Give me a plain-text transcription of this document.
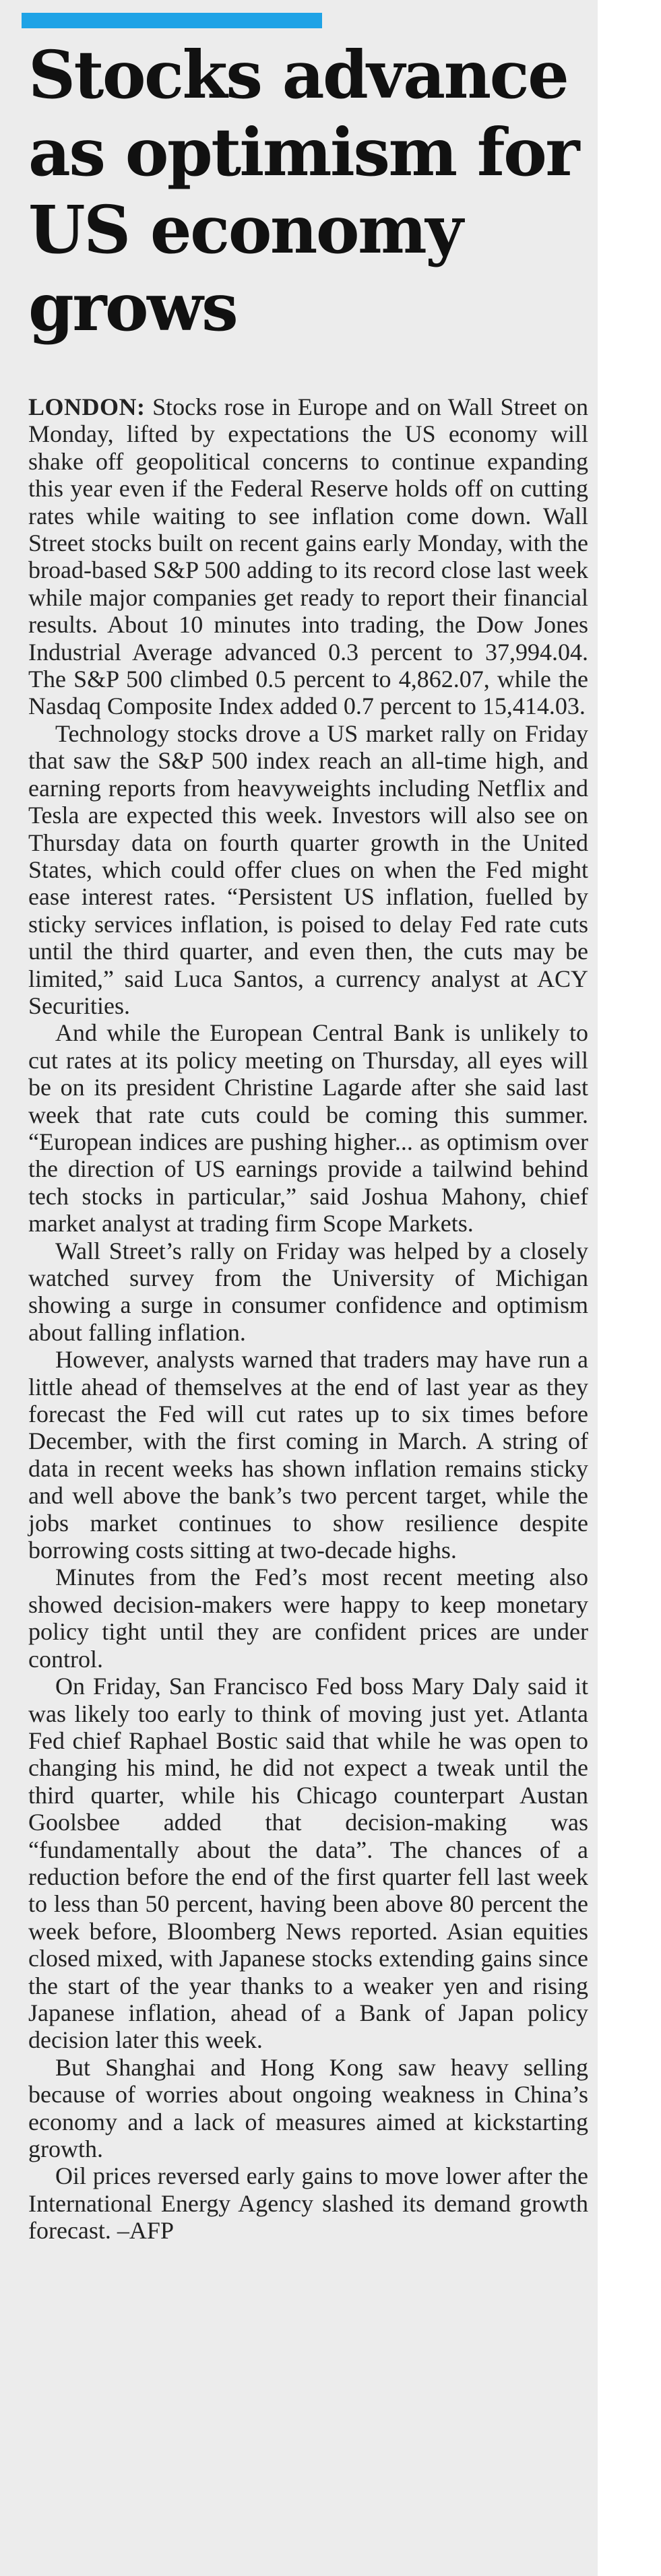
Stocks advance as optimism for US economy grows

LONDON: Stocks rose in Europe and on Wall Street on Monday, lifted by expectations the US economy will shake off geopolitical concerns to continue expanding this year even if the Federal Reserve holds off on cutting rates while waiting to see inflation come down. Wall Street stocks built on recent gains early Monday, with the broad-based S&P 500 adding to its record close last week while major companies get ready to report their financial results. About 10 minutes into trading, the Dow Jones Industrial Average advanced 0.3 percent to 37,994.04. The S&P 500 climbed 0.5 percent to 4,862.07, while the Nasdaq Composite Index added 0.7 percent to 15,414.03.

Technology stocks drove a US market rally on Friday that saw the S&P 500 index reach an all-time high, and earning reports from heavyweights including Netflix and Tesla are expected this week. Investors will also see on Thursday data on fourth quarter growth in the United States, which could offer clues on when the Fed might ease interest rates. “Persistent US inflation, fuelled by sticky services inflation, is poised to delay Fed rate cuts until the third quarter, and even then, the cuts may be limited,” said Luca Santos, a currency analyst at ACY Securities.

And while the European Central Bank is unlikely to cut rates at its policy meeting on Thursday, all eyes will be on its president Christine Lagarde after she said last week that rate cuts could be coming this summer. “European indices are pushing higher... as optimism over the direction of US earnings provide a tailwind behind tech stocks in particular,” said Joshua Mahony, chief market analyst at trading firm Scope Markets.

Wall Street’s rally on Friday was helped by a closely watched survey from the University of Michigan showing a surge in consumer confidence and optimism about falling inflation.

However, analysts warned that traders may have run a little ahead of themselves at the end of last year as they forecast the Fed will cut rates up to six times before December, with the first coming in March. A string of data in recent weeks has shown inflation remains sticky and well above the bank’s two percent target, while the jobs market continues to show resilience despite borrowing costs sitting at two-decade highs.

Minutes from the Fed’s most recent meeting also showed decision-makers were happy to keep monetary policy tight until they are confident prices are under control.

On Friday, San Francisco Fed boss Mary Daly said it was likely too early to think of moving just yet. Atlanta Fed chief Raphael Bostic said that while he was open to changing his mind, he did not expect a tweak until the third quarter, while his Chicago counterpart Austan Goolsbee added that decision-making was “fundamentally about the data”. The chances of a reduction before the end of the first quarter fell last week to less than 50 percent, having been above 80 percent the week before, Bloomberg News reported. Asian equities closed mixed, with Japanese stocks extending gains since the start of the year thanks to a weaker yen and rising Japanese inflation, ahead of a Bank of Japan policy decision later this week.

But Shanghai and Hong Kong saw heavy selling because of worries about ongoing weakness in China’s economy and a lack of measures aimed at kickstarting growth.

Oil prices reversed early gains to move lower after the International Energy Agency slashed its demand growth forecast. –AFP
